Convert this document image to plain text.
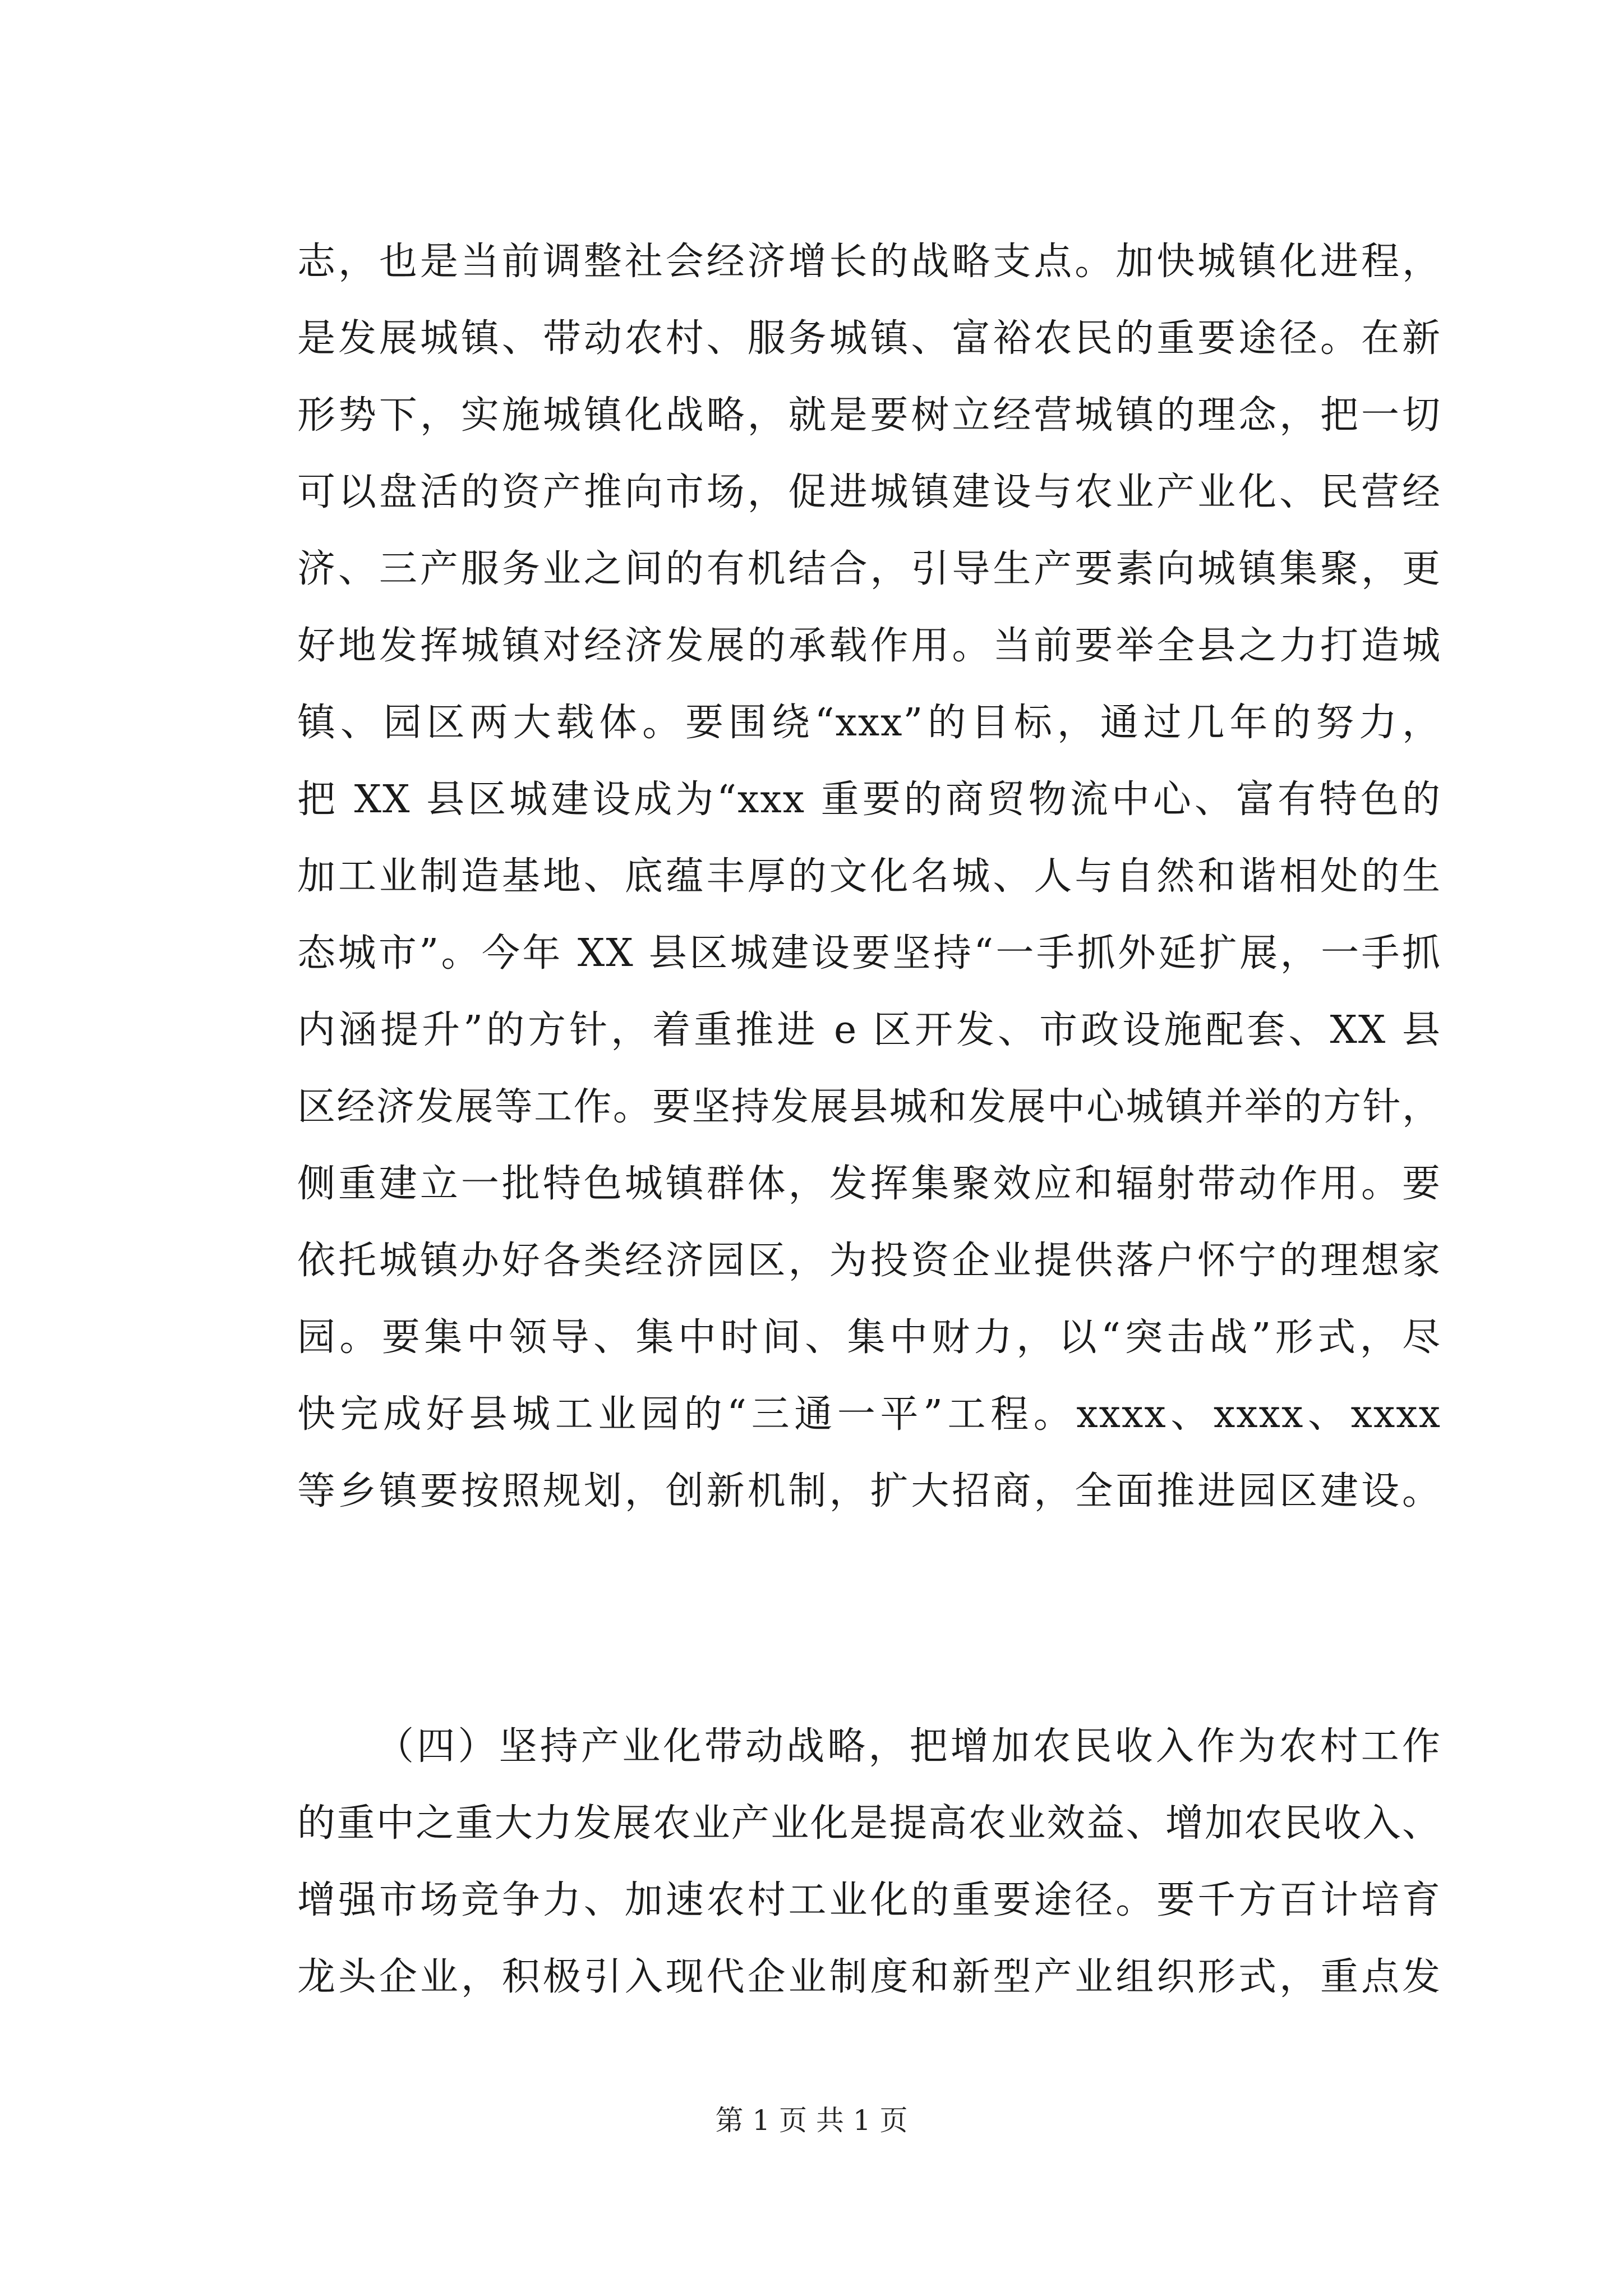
志，也是当前调整社会经济增长的战略支点。加快城镇化进程，
是发展城镇、带动农村、服务城镇、富裕农民的重要途径。在新
形势下，实施城镇化战略，就是要树立经营城镇的理念，把一切
可以盘活的资产推向市场，促进城镇建设与农业产业化、民营经
济、三产服务业之间的有机结合，引导生产要素向城镇集聚，更
好地发挥城镇对经济发展的承载作用。当前要举全县之力打造城
镇、园区两大载体。要围绕“xxx”的目标，通过几年的努力，
把 XX 县区城建设成为“xxx 重要的商贸物流中心、富有特色的
加工业制造基地、底蕴丰厚的文化名城、人与自然和谐相处的生
态城市”。今年 XX 县区城建设要坚持“一手抓外延扩展，一手抓
内涵提升”的方针，着重推进 e 区开发、市政设施配套、XX 县
区经济发展等工作。要坚持发展县城和发展中心城镇并举的方针，
侧重建立一批特色城镇群体，发挥集聚效应和辐射带动作用。要
依托城镇办好各类经济园区，为投资企业提供落户怀宁的理想家
园。要集中领导、集中时间、集中财力，以“突击战”形式，尽
快完成好县城工业园的“三通一平”工程。xxxx、xxxx、xxxx
等乡镇要按照规划，创新机制，扩大招商，全面推进园区建设。
（四）坚持产业化带动战略，把增加农民收入作为农村工作
的重中之重大力发展农业产业化是提高农业效益、增加农民收入、
增强市场竞争力、加速农村工业化的重要途径。要千方百计培育
龙头企业，积极引入现代企业制度和新型产业组织形式，重点发
第 1 页 共 1 页
